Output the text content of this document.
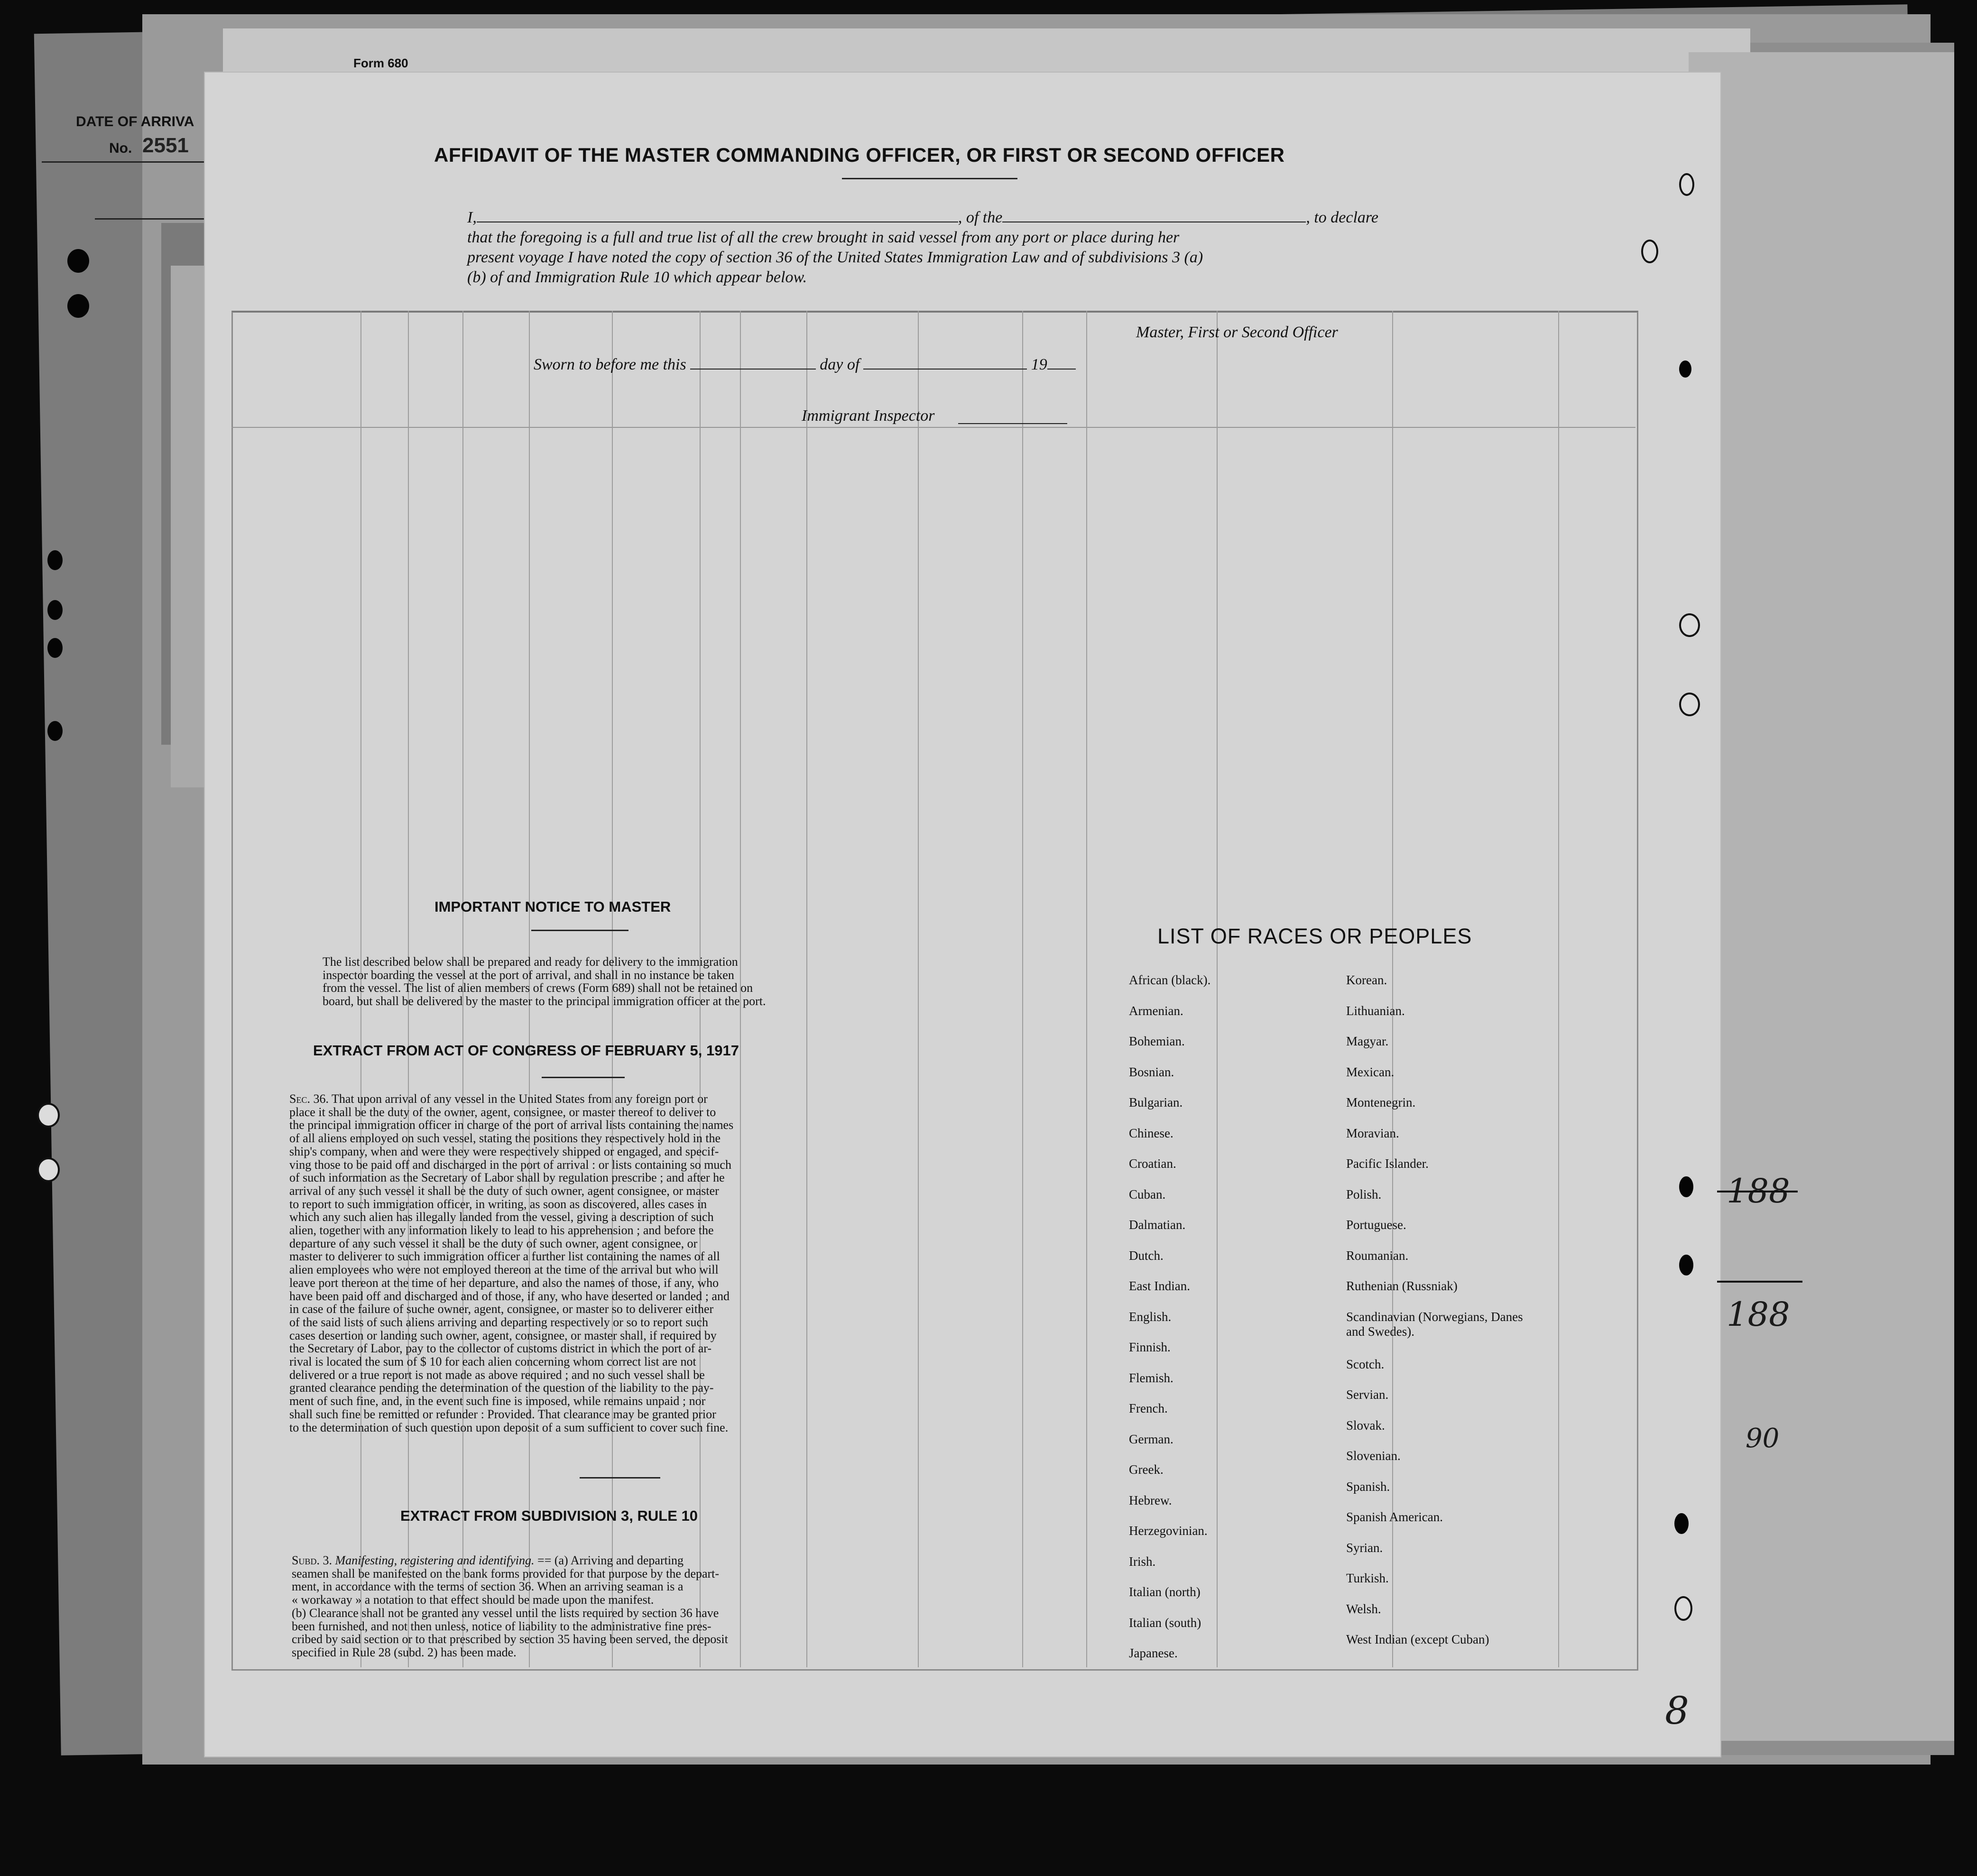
Form 680
DATE OF ARRIVA
No. 2551
188
188
90
8
AFFIDAVIT OF THE MASTER COMMANDING OFFICER, OR FIRST OR SECOND OFFICER
I,	, of the	, to declare
that the foregoing is a full and true list of all the crew brought in said vessel from any port or place during her
present voyage I have noted the copy of section 36 of the United States Immigration Law and of subdivisions 3 (a)
(b) of and Immigration Rule 10 which appear below.
Master, First or Second Officer
Sworn to before me this	day of	19
Immigrant Inspector
IMPORTANT NOTICE TO MASTER
The list described below shall be prepared and ready for delivery to the immigration
inspector boarding the vessel at the port of arrival, and shall in no instance be taken
from the vessel. The list of alien members of crews (Form 689) shall not be retained on
board, but shall be delivered by the master to the principal immigration officer at the port.
EXTRACT FROM ACT OF CONGRESS OF FEBRUARY 5, 1917
Sec. 36. That upon arrival of any vessel in the United States from any foreign port or
place it shall be the duty of the owner, agent, consignee, or master thereof to deliver to
the principal immigration officer in charge of the port of arrival lists containing the names
of all aliens employed on such vessel, stating the positions they respectively hold in the
ship's company, when and were they were respectively shipped or engaged, and specif-
ving those to be paid off and discharged in the port of arrival : or lists containing so much
of such information as the Secretary of Labor shall by regulation prescribe ; and after he
arrival of any such vessel it shall be the duty of such owner, agent consignee, or master
to report to such immigration officer, in writing, as soon as discovered, alles cases in
which any such alien has illegally landed from the vessel, giving a description of such
alien, together with any information likely to lead to his apprehension ; and before the
departure of any such vessel it shall be the duty of such owner, agent consignee, or
master to deliverer to such immigration officer a further list containing the names of all
alien employees who were not employed thereon at the time of the arrival but who will
leave port thereon at the time of her departure, and also the names of those, if any, who
have been paid off and discharged and of those, if any, who have deserted or landed ; and
in case of the failure of suche owner, agent, consignee, or master so to deliverer either
of the said lists of such aliens arriving and departing respectively or so to report such
cases desertion or landing such owner, agent, consignee, or master shall, if required by
the Secretary of Labor, pay to the collector of customs district in which the port of ar-
rival is located the sum of $ 10 for each alien concerning whom correct list are not
delivered or a true report is not made as above required ; and no such vessel shall be
granted clearance pending the determination of the question of the liability to the pay-
ment of such fine, and, in the event such fine is imposed, while remains unpaid ; nor
shall such fine be remitted or refunder : Provided. That clearance may be granted prior
to the determination of such question upon deposit of a sum sufficient to cover such fine.
EXTRACT FROM SUBDIVISION 3, RULE 10
Subd. 3. Manifesting, registering and identifying. == (a) Arriving and departing
seamen shall be manifested on the bank forms provided for that purpose by the depart-
ment, in accordance with the terms of section 36. When an arriving seaman is a
« workaway » a notation to that effect should be made upon the manifest.
(b) Clearance shall not be granted any vessel until the lists required by section 36 have
been furnished, and not then unless, notice of liability to the administrative fine pres-
cribed by said section or to that prescribed by section 35 having been served, the deposit
specified in Rule 28 (subd. 2) has been made.
LIST OF RACES OR PEOPLES
African (black).
Armenian.
Bohemian.
Bosnian.
Bulgarian.
Chinese.
Croatian.
Cuban.
Dalmatian.
Dutch.
East Indian.
English.
Finnish.
Flemish.
French.
German.
Greek.
Hebrew.
Herzegovinian.
Irish.
Italian (north)
Italian (south)
Japanese.
Korean.
Lithuanian.
Magyar.
Mexican.
Montenegrin.
Moravian.
Pacific Islander.
Polish.
Portuguese.
Roumanian.
Ruthenian (Russniak)
Scandinavian (Norwegians, Danes and Swedes).
Scotch.
Servian.
Slovak.
Slovenian.
Spanish.
Spanish American.
Syrian.
Turkish.
Welsh.
West Indian (except Cuban)
